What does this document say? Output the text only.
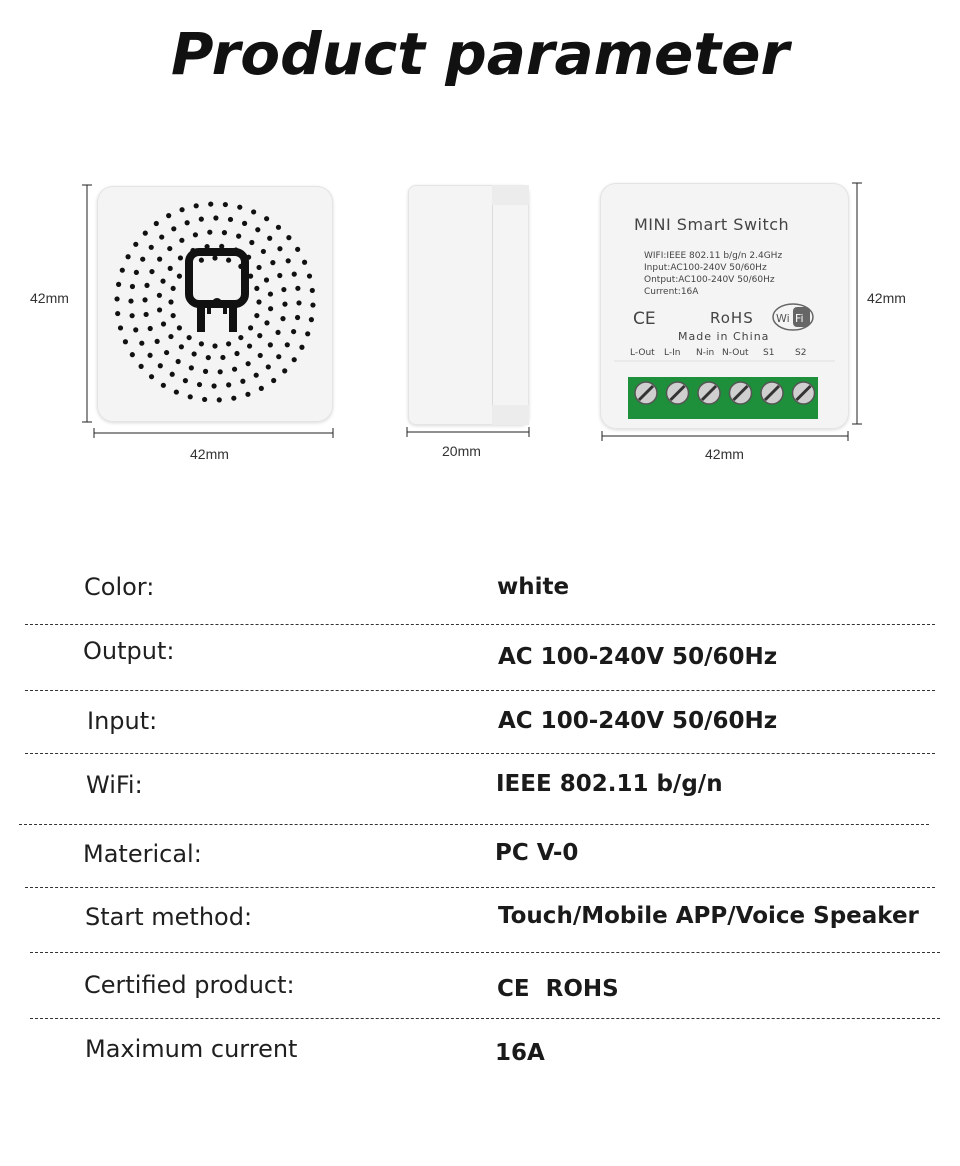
Product parameter
42mm
42mm	20mm	42mm
42mm
MINI Smart Switch
WIFI:IEEE 802.11 b/g/n 2.4GHz
Input:AC100-240V 50/60Hz
Ontput:AC100-240V 50/60Hz
Current:16A
CE	RoHS Wi Fi
Made in China
L-Out L-In N-in N-Out S1 S2
Color:	white
Output:	AC 100-240V 50/60Hz
Input:	AC 100-240V 50/60Hz
WiFi:	IEEE 802.11 b/g/n
Materical:	PC V-0
Start method:	Touch/Mobile APP/Voice Speaker
Certified product:	CE  ROHS
Maximum current	16A
